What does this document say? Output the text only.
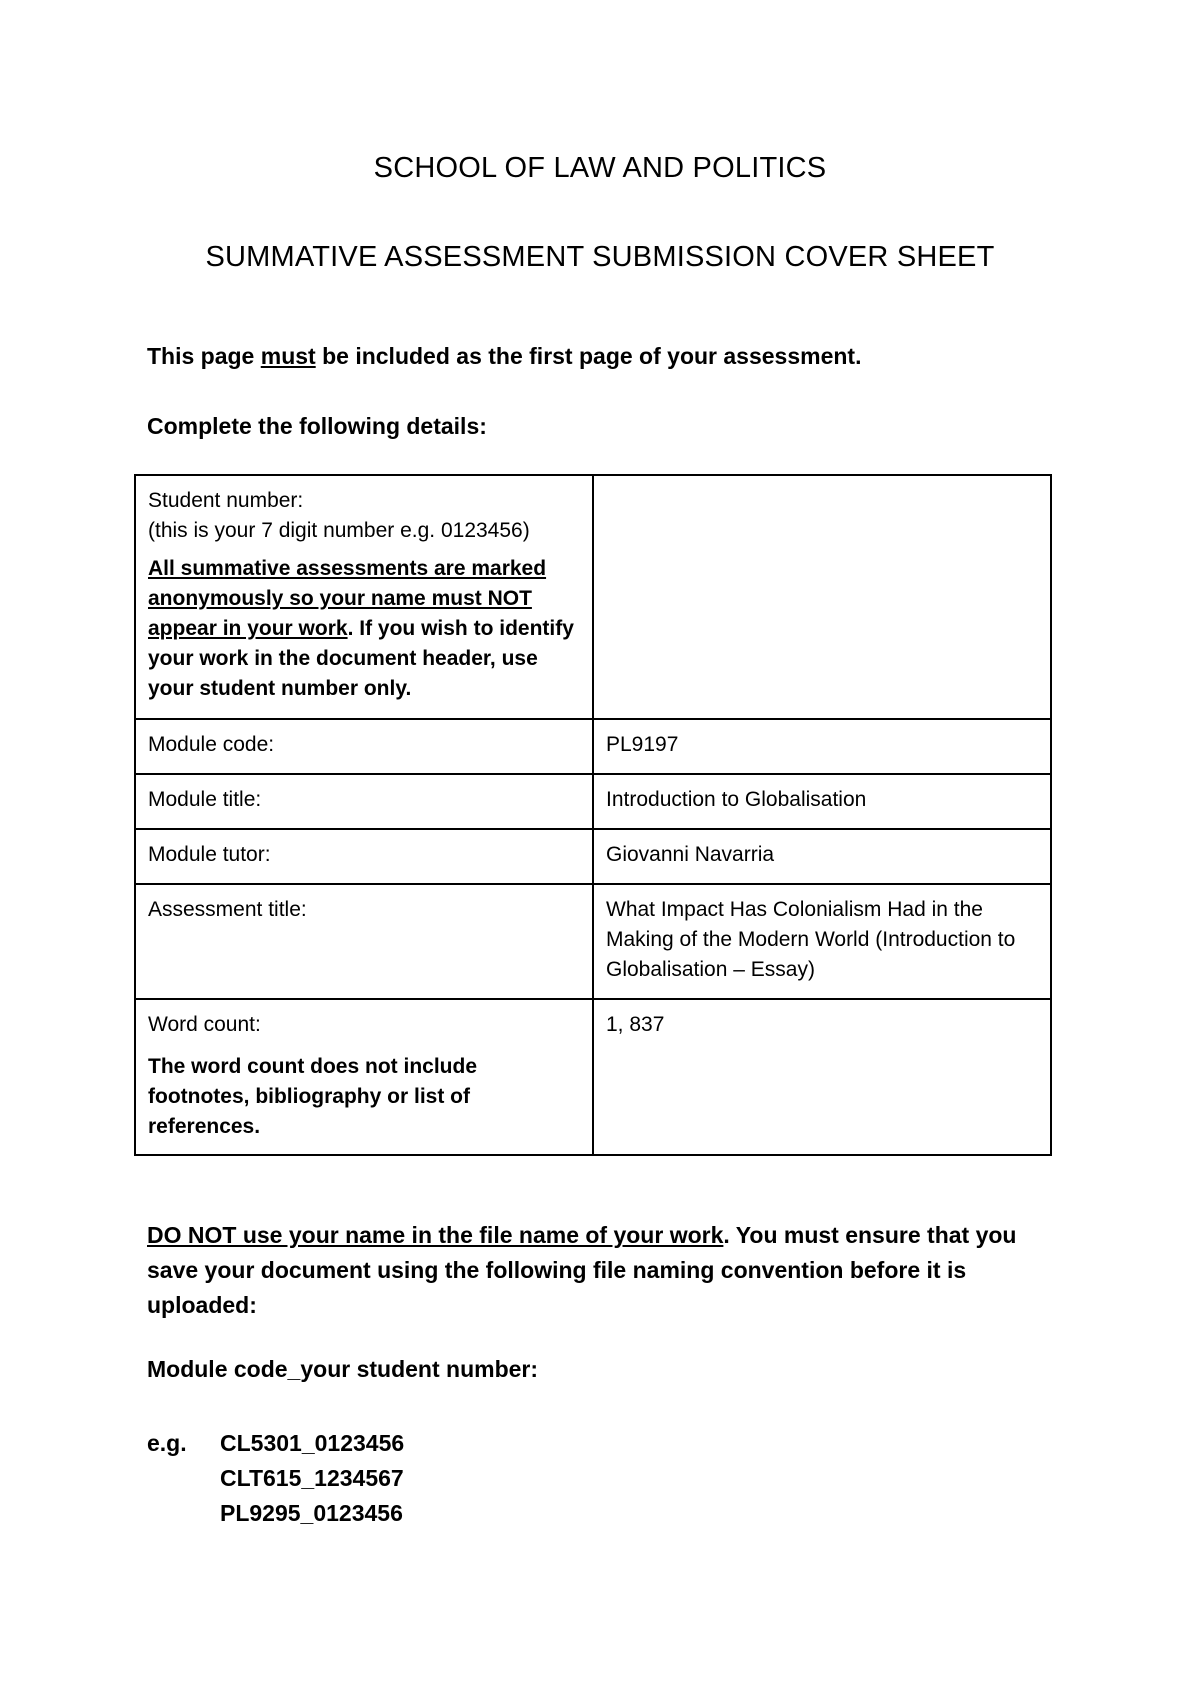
SCHOOL OF LAW AND POLITICS
SUMMATIVE ASSESSMENT SUBMISSION COVER SHEET

This page must be included as the first page of your assessment.

Complete the following details:

Student number:
(this is your 7 digit number e.g. 0123456)
All summative assessments are marked anonymously so your name must NOT appear in your work. If you wish to identify your work in the document header, use your student number only.	

Module code:	PL9197
Module title:	Introduction to Globalisation
Module tutor:	Giovanni Navarria
Assessment title:	What Impact Has Colonialism Had in the Making of the Modern World (Introduction to Globalisation – Essay)

Word count:
The word count does not include footnotes, bibliography or list of references.	1, 837

DO NOT use your name in the file name of your work. You must ensure that you save your document using the following file naming convention before it is uploaded:

Module code_your student number:

e.g. CL5301_0123456
CLT615_1234567
PL9295_0123456
